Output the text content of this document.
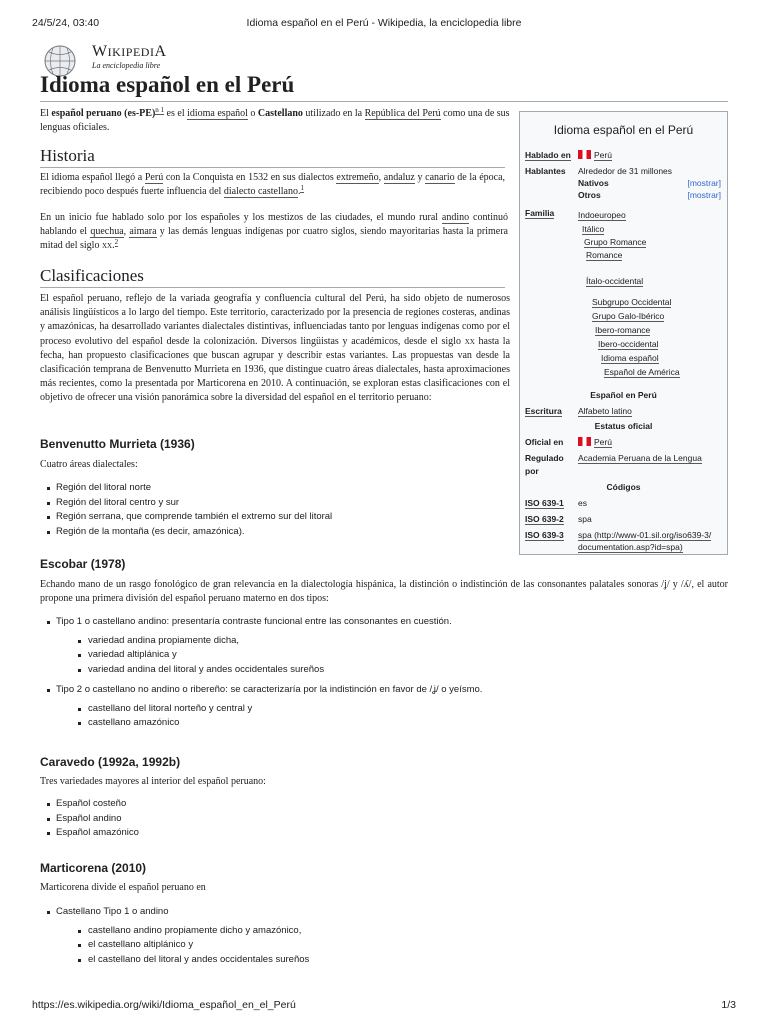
24/5/24, 03:40	Idioma español en el Perú - Wikipedia, la enciclopedia libre
WIKIPEDIA
La enciclopedia libre
Idioma español en el Perú

El español peruano $(es-PE)^{n 1}$ es el idioma español o Castellano utilizado en la República del Perú como una de sus lenguas oficiales.

Historia

El idioma español llegó a Perú con la Conquista en 1532 en sus dialectos extremeño, andaluz y canario de la época, recibiendo poco después fuerte influencia del dialecto castellano.$^1$

En un inicio fue hablado solo por los españoles y los mestizos de las ciudades, el mundo rural andino continuó hablando el quechua, aimara y las demás lenguas indígenas por cuatro siglos, siendo mayoritarias hasta la primera mitad del siglo xx.$^2$

Clasificaciones

El español peruano, reflejo de la variada geografía y confluencia cultural del Perú, ha sido objeto de numerosos análisis lingüísticos a lo largo del tiempo. Este territorio, caracterizado por la presencia de regiones costeras, andinas y amazónicas, ha desarrollado variantes dialectales distintivas, influenciadas tanto por lenguas indígenas como por el proceso evolutivo del español desde la colonización. Diversos lingüistas y académicos, desde el siglo xx hasta la fecha, han propuesto clasificaciones que buscan agrupar y describir estas variantes. Las propuestas van desde la clasificación temprana de Benvenutto Murrieta en 1936, que distingue cuatro áreas dialectales, hasta aproximaciones más recientes, como la presentada por Marticorena en 2010. A continuación, se exploran estas clasificaciones con el objetivo de ofrecer una visión panorámica sobre la diversidad del español en el territorio peruano:

Benvenutto Murrieta (1936)

Cuatro áreas dialectales:

Región del litoral norte
Región del litoral centro y sur
Región serrana, que comprende también el extremo sur del litoral
Región de la montaña (es decir, amazónica).
Escobar (1978)

Echando mano de un rasgo fonológico de gran relevancia en la dialectología hispánica, la distinción o indistinción de las consonantes palatales sonoras /ʝ/ y /ʎ/, el autor propone una primera división del español peruano materno en dos tipos:

Tipo 1 o castellano andino: presentaría contraste funcional entre las consonantes en cuestión.
variedad andina propiamente dicha,
variedad altiplánica y
variedad andina del litoral y andes occidentales sureños
Tipo 2 o castellano no andino o ribereño: se caracterizaría por la indistinción en favor de /ʝ/ o yeísmo.
castellano del litoral norteño y central y
castellano amazónico
Caravedo (1992a, 1992b)

Tres variedades mayores al interior del español peruano:

Español costeño
Español andino
Español amazónico
Marticorena (2010)

Marticorena divide el español peruano en

Castellano Tipo 1 o andino
castellano andino propiamente dicho y amazónico,
el castellano altiplánico y
el castellano del litoral y andes occidentales sureños
Idioma español en el Perú
Hablado en	Perú
Hablantes Alrededor de 31 millones
Nativos	[mostrar]
Otros	[mostrar]
Familia	Indoeuropeo
Itálico
Grupo Romance
Romance
Ítalo-occidental
Subgrupo Occidental
Grupo Galo-Ibérico
Ibero-romance
Ibero-occidental
Idioma español
Español de América
Español en Perú
Escritura Alfabeto latino
Estatus oficial
Oficial en	Perú
Regulado
por
Academia Peruana de la Lengua
Códigos
ISO 639-1 es
ISO 639-2 spa
ISO 639-3 spa (http://www-01.sil.org/iso639-3/
documentation.asp?id=spa)
https://es.wikipedia.org/wiki/Idioma_español_en_el_Perú	1/3
